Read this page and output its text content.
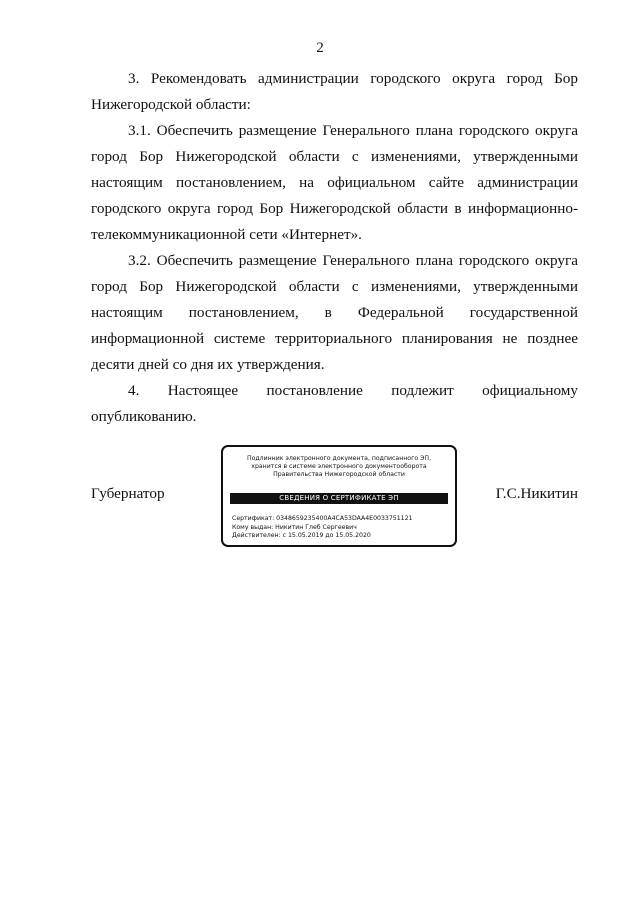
2

3. Рекомендовать администрации городского округа город Бор Нижегородской области:

3.1. Обеспечить размещение Генерального плана городского округа город Бор Нижегородской области с изменениями, утвержденными настоящим постановлением, на официальном сайте администрации городского округа город Бор Нижегородской области в информационно-телекоммуникационной сети «Интернет».

3.2. Обеспечить размещение Генерального плана городского округа город Бор Нижегородской области с изменениями, утвержденными настоящим постановлением, в Федеральной государственной информационной системе территориального планирования не позднее десяти дней со дня их утверждения.

4. Настоящее постановление подлежит официальному опубликованию.

Губернатор
Подлинник электронного документа, подписанного ЭП,
хранится в системе электронного документооборота
Правительства Нижегородской области
СВЕДЕНИЯ О СЕРТИФИКАТЕ ЭП
Сертификат: 0348659235400A4CA53DAA4E0033751121
Кому выдан: Никитин Глеб Сергеевич
Действителен: с 15.05.2019 до 15.05.2020
Г.С.Никитин
